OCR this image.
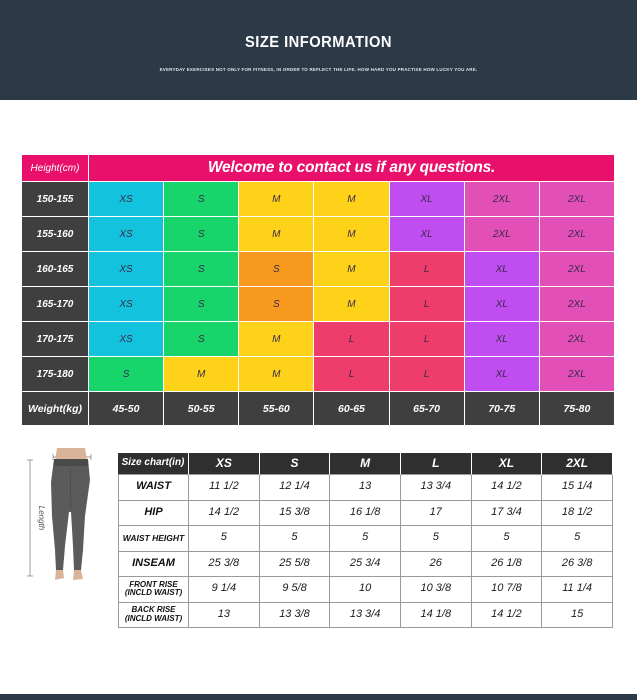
SIZE INFORMATION
EVERYDAY EXERCISES NOT ONLY FOR FITNESS, IN ORDER TO REFLECT THE LIFE. HOW HARD YOU PRACTISE HOW LUCKY YOU ARE.
Height(cm)	Welcome to contact us if any questions.
150-155	XS	S	M	M	XL	2XL	2XL
155-160	XS	S	M	M	XL	2XL	2XL
160-165	XS	S	S	M	L	XL	2XL
165-170	XS	S	S	M	L	XL	2XL
170-175	XS	S	M	L	L	XL	2XL
175-180	S	M	M	L	L	XL	2XL
Weight(kg)	45-50	50-55	55-60	60-65	65-70	70-75	75-80
Length
Size chart(in)	XS	S	M	L	XL	2XL
WAIST	11 1/2	12 1/4	13	13 3/4	14 1/2	15 1/4
HIP	14 1/2	15 3/8	16 1/8	17	17 3/4	18 1/2
WAIST HEIGHT	5	5	5	5	5	5
INSEAM	25 3/8	25 5/8	25 3/4	26	26 1/8	26 3/8
FRONT RISE
(INCLD WAIST)	9 1/4	9 5/8	10	10 3/8	10 7/8	11 1/4
BACK RISE
(INCLD WAIST)	13	13 3/8	13 3/4	14 1/8	14 1/2	15
